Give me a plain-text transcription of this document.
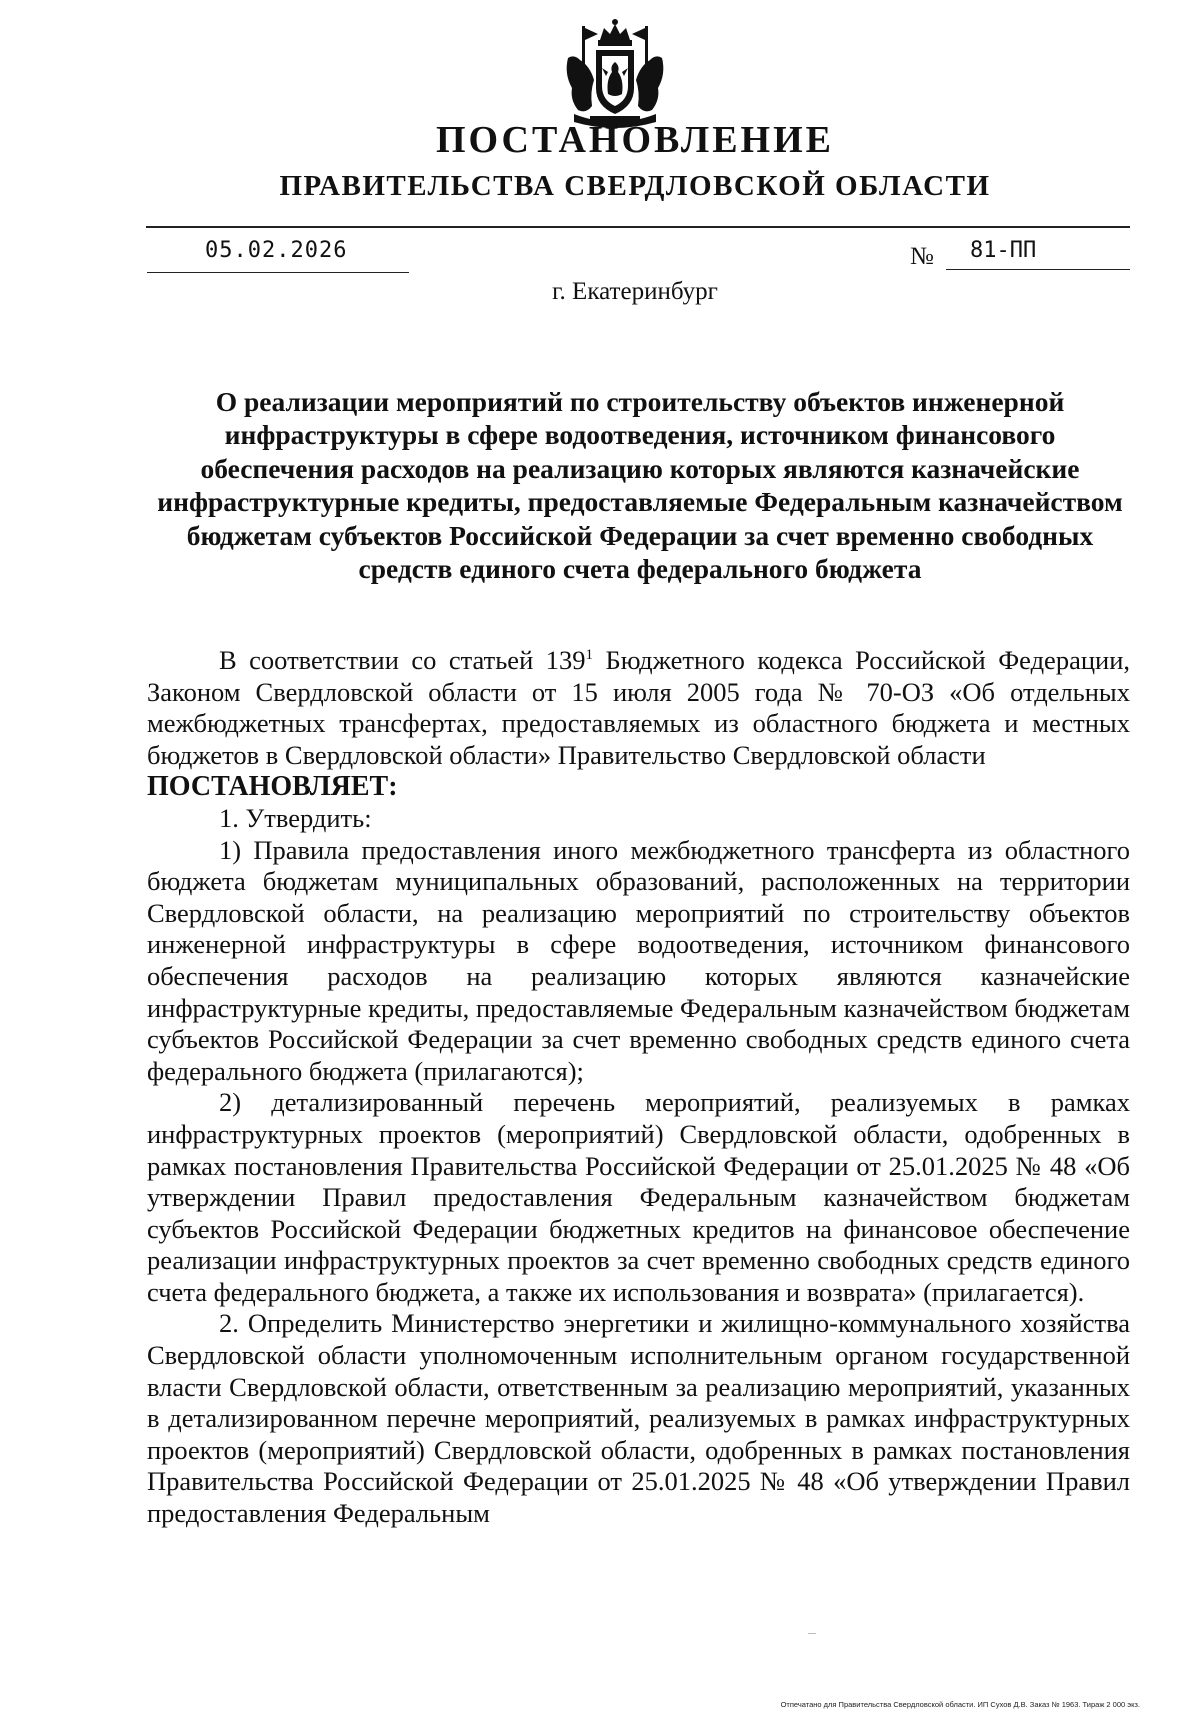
ПОСТАНОВЛЕНИЕ
ПРАВИТЕЛЬСТВА СВЕРДЛОВСКОЙ ОБЛАСТИ
05.02.2026	№ 81-ПП
г. Екатеринбург
О реализации мероприятий по строительству объектов инженерной инфраструктуры в сфере водоотведения, источником финансового обеспечения расходов на реализацию которых являются казначейские инфраструктурные кредиты, предоставляемые Федеральным казначейством бюджетам субъектов Российской Федерации за счет временно свободных средств единого счета федерального бюджета

В соответствии со статьей $139^1$ Бюджетного кодекса Российской Федерации, Законом Свердловской области от 15 июля 2005 года № 70-ОЗ «Об отдельных межбюджетных трансфертах, предоставляемых из областного бюджета и местных бюджетов в Свердловской области» Правительство Свердловской области

ПОСТАНОВЛЯЕТ:

1. Утвердить:

1) Правила предоставления иного межбюджетного трансферта из областного бюджета бюджетам муниципальных образований, расположенных на территории Свердловской области, на реализацию мероприятий по строительству объектов инженерной инфраструктуры в сфере водоотведения, источником финансового обеспечения расходов на реализацию которых являются казначейские инфраструктурные кредиты, предоставляемые Федеральным казначейством бюджетам субъектов Российской Федерации за счет временно свободных средств единого счета федерального бюджета (прилагаются);

2) детализированный перечень мероприятий, реализуемых в рамках инфраструктурных проектов (мероприятий) Свердловской области, одобренных в рамках постановления Правительства Российской Федерации от 25.01.2025 № 48 «Об утверждении Правил предоставления Федеральным казначейством бюджетам субъектов Российской Федерации бюджетных кредитов на финансовое обеспечение реализации инфраструктурных проектов за счет временно свободных средств единого счета федерального бюджета, а также их использования и возврата» (прилагается).

2. Определить Министерство энергетики и жилищно-коммунального хозяйства Свердловской области уполномоченным исполнительным органом государственной власти Свердловской области, ответственным за реализацию мероприятий, указанных в детализированном перечне мероприятий, реализуемых в рамках инфраструктурных проектов (мероприятий) Свердловской области, одобренных в рамках постановления Правительства Российской Федерации от 25.01.2025 № 48 «Об утверждении Правил предоставления Федеральным

Отпечатано для Правительства Свердловской области. ИП Сухов Д.В. Заказ № 1963. Тираж 2 000 экз.
